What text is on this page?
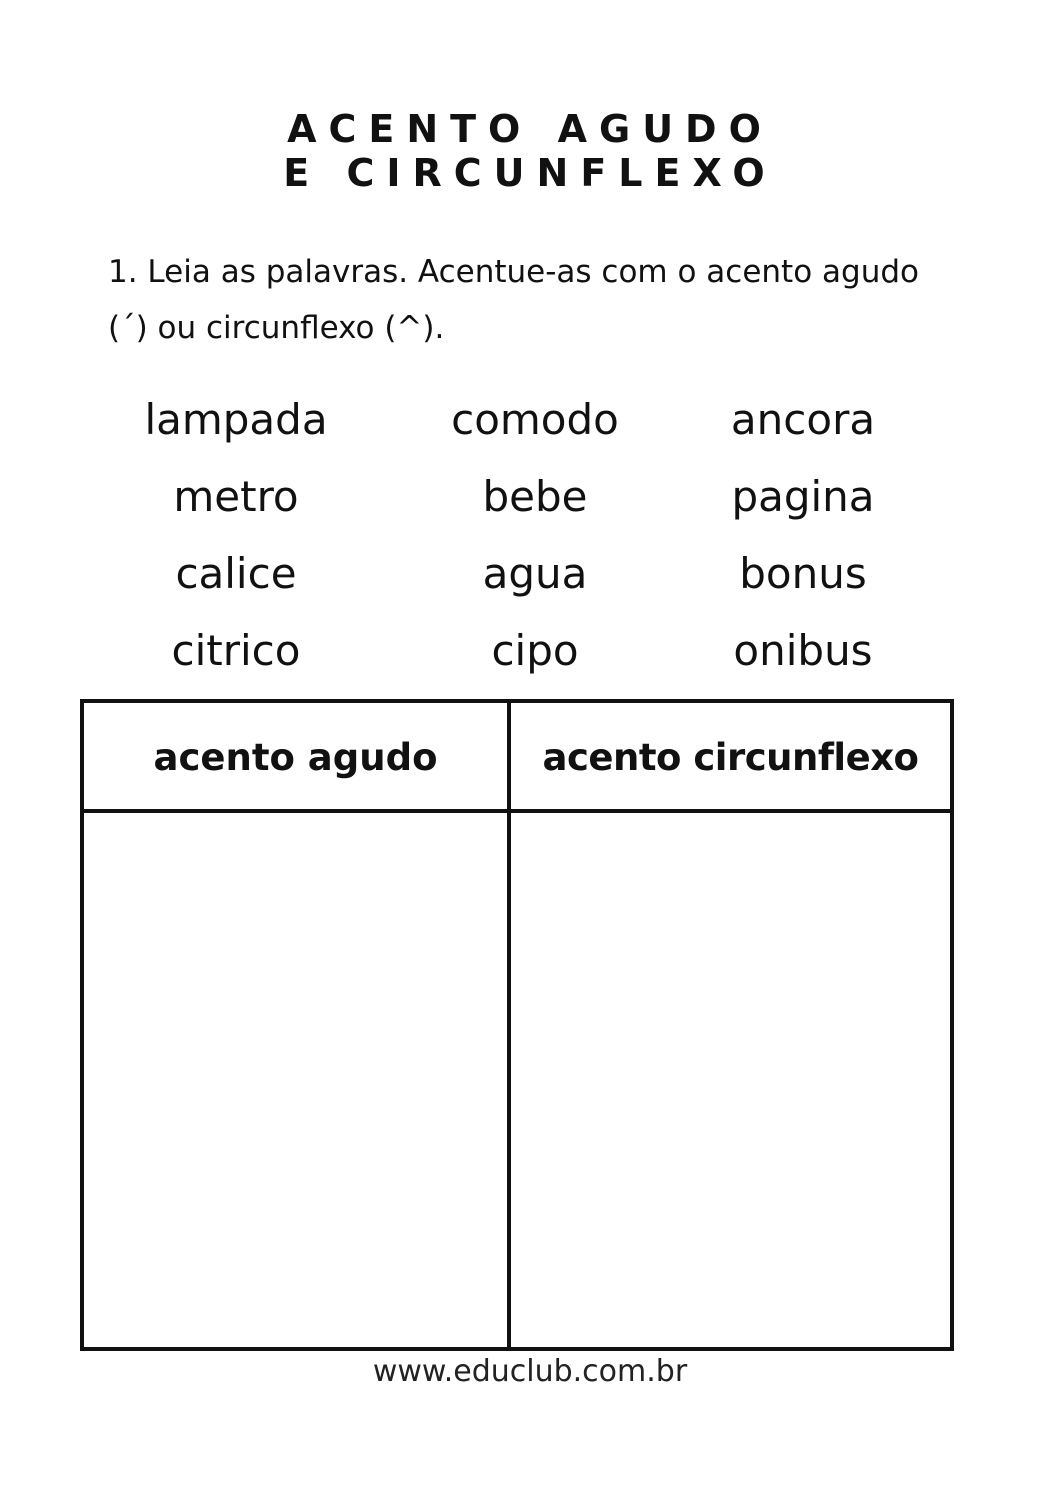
ACENTO AGUDO
E CIRCUNFLEXO
1. Leia as palavras. Acentue-as com o acento agudo (´) ou circunflexo (^).
lampada
metro
calice
citrico
comodo
bebe
agua
cipo
ancora
pagina
bonus
onibus
acento agudo	acento circunflexo
www.educlub.com.br
